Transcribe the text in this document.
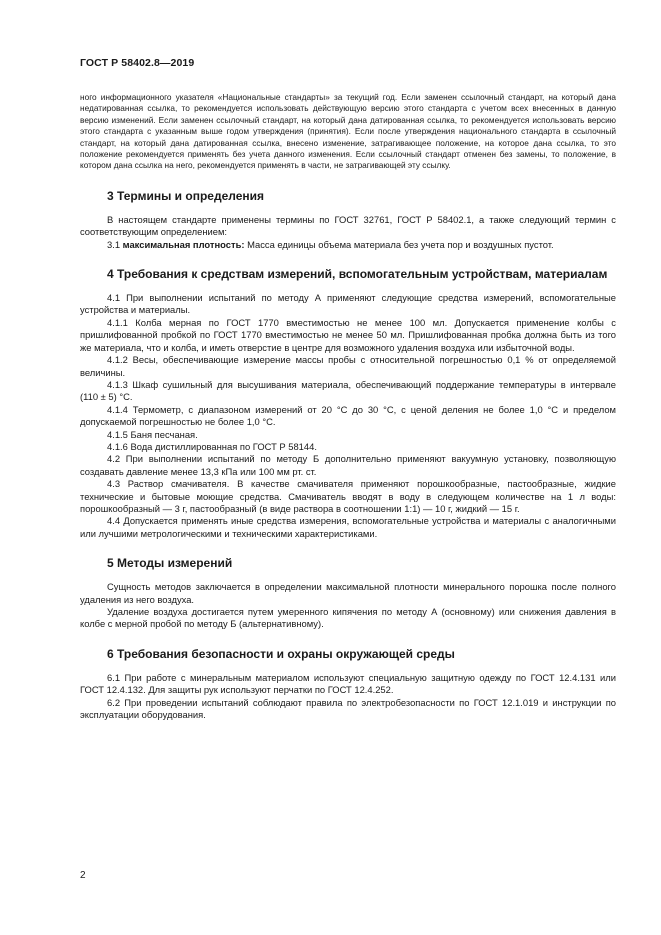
ГОСТ Р 58402.8—2019

ного информационного указателя «Национальные стандарты» за текущий год. Если заменен ссылочный стандарт, на который дана недатированная ссылка, то рекомендуется использовать действующую версию этого стандарта с учетом всех внесенных в данную версию изменений. Если заменен ссылочный стандарт, на который дана датированная ссылка, то рекомендуется использовать версию этого стандарта с указанным выше годом утверждения (принятия). Если после утверждения национального стандарта в ссылочный стандарт, на который дана датированная ссылка, внесено изменение, затрагивающее положение, на которое дана ссылка, то это положение рекомендуется применять без учета данного изменения. Если ссылочный стандарт отменен без замены, то положение, в котором дана ссылка на него, рекомендуется применять в части, не затрагивающей эту ссылку.

3 Термины и определения

В настоящем стандарте применены термины по ГОСТ 32761, ГОСТ Р 58402.1, а также следующий термин с соответствующим определением:

3.1 максимальная плотность: Масса единицы объема материала без учета пор и воздушных пустот.

4 Требования к средствам измерений, вспомогательным устройствам, материалам

4.1 При выполнении испытаний по методу А применяют следующие средства измерений, вспомогательные устройства и материалы.

4.1.1 Колба мерная по ГОСТ 1770 вместимостью не менее 100 мл. Допускается применение колбы с пришлифованной пробкой по ГОСТ 1770 вместимостью не менее 50 мл. Пришлифованная пробка должна быть из того же материала, что и колба, и иметь отверстие в центре для возможного удаления воздуха или избыточной воды.

4.1.2 Весы, обеспечивающие измерение массы пробы с относительной погрешностью 0,1 % от определяемой величины.

4.1.3 Шкаф сушильный для высушивания материала, обеспечивающий поддержание температуры в интервале (110 ± 5) °С.

4.1.4 Термометр, с диапазоном измерений от 20 °С до 30 °С, с ценой деления не более 1,0 °С и пределом допускаемой погрешностью не более 1,0 °С.

4.1.5 Баня песчаная.

4.1.6 Вода дистиллированная по ГОСТ Р 58144.

4.2 При выполнении испытаний по методу Б дополнительно применяют вакуумную установку, позволяющую создавать давление менее 13,3 кПа или 100 мм рт. ст.

4.3 Раствор смачивателя. В качестве смачивателя применяют порошкообразные, пастообразные, жидкие технические и бытовые моющие средства. Смачиватель вводят в воду в следующем количестве на 1 л воды: порошкообразный — 3 г, пастообразный (в виде раствора в соотношении 1:1) — 10 г, жидкий — 15 г.

4.4 Допускается применять иные средства измерения, вспомогательные устройства и материалы с аналогичными или лучшими метрологическими и техническими характеристиками.

5 Методы измерений

Сущность методов заключается в определении максимальной плотности минерального порошка после полного удаления из него воздуха.

Удаление воздуха достигается путем умеренного кипячения по методу А (основному) или снижения давления в колбе с мерной пробой по методу Б (альтернативному).

6 Требования безопасности и охраны окружающей среды

6.1 При работе с минеральным материалом используют специальную защитную одежду по ГОСТ 12.4.131 или ГОСТ 12.4.132. Для защиты рук используют перчатки по ГОСТ 12.4.252.

6.2 При проведении испытаний соблюдают правила по электробезопасности по ГОСТ 12.1.019 и инструкции по эксплуатации оборудования.

2
